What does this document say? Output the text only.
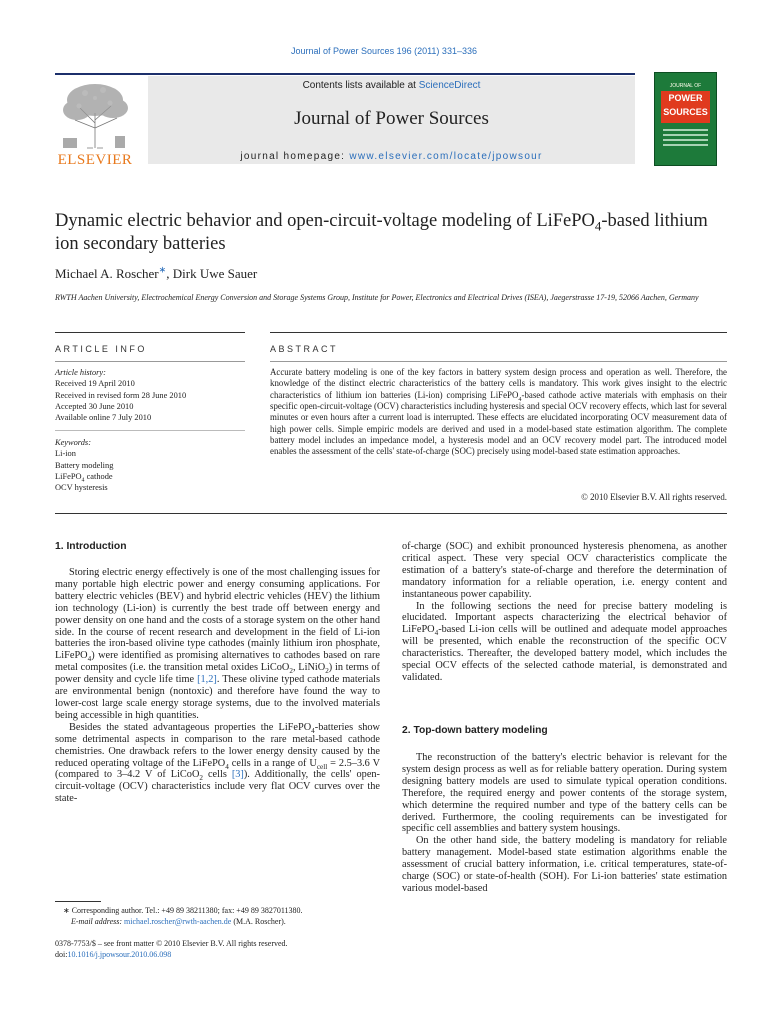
Journal of Power Sources 196 (2011) 331–336
ELSEVIER
Contents lists available at ScienceDirect
Journal of Power Sources
journal homepage: www.elsevier.com/locate/jpowsour
JOURNAL OF
POWER
SOURCES
Dynamic electric behavior and open-circuit-voltage modeling of LiFePO$_4$-based lithium ion secondary batteries
Michael A. Roscher∗, Dirk Uwe Sauer
RWTH Aachen University, Electrochemical Energy Conversion and Storage Systems Group, Institute for Power, Electronics and Electrical Drives (ISEA), Jaegerstrasse 17-19, 52066 Aachen, Germany
ARTICLE INFO	ABSTRACT
Article history:
Received 19 April 2010
Received in revised form 28 June 2010
Accepted 30 June 2010
Available online 7 July 2010
Keywords:
Li-ion
Battery modeling
LiFePO$_4$ cathode
OCV hysteresis
Accurate battery modeling is one of the key factors in battery system design process and operation as well. Therefore, the knowledge of the distinct electric characteristics of the battery cells is mandatory. This work gives insight to the electric characteristics of lithium ion batteries (Li-ion) comprising LiFePO$_4$-based cathode active materials with emphasis on their specific open-circuit-voltage (OCV) characteristics including hysteresis and special OCV recovery effects, which last for several minutes or even hours after a current load is interrupted. These effects are elucidated incorporating OCV measurement data of high power cells. Simple empiric models are derived and used in a model-based state estimation algorithm. The complete battery model includes an impedance model, a hysteresis model and an OCV recovery model part. The introduced model enables the assessment of the cells' state-of-charge (SOC) precisely using model-based state estimation approaches.
© 2010 Elsevier B.V. All rights reserved.
1. Introduction

Storing electric energy effectively is one of the most challenging issues for many portable high electric power and energy consuming applications. For battery electric vehicles (BEV) and hybrid electric vehicles (HEV) the lithium ion technology (Li-ion) is currently the best trade off between energy and power density on one hand and the costs of a storage system on the other hand side. In the course of recent research and development in the field of Li-ion batteries the iron-based olivine type cathodes (mainly lithium iron phosphate, LiFePO$_4$) were identified as promising alternatives to cathodes based on rare metal composites (i.e. the transition metal oxides LiCoO$_2$, LiNiO$_2$) in terms of power density and cycle life time [1,2]. These olivine typed cathode materials are environmental benign (nontoxic) and therefore have found the way to lower-cost large scale energy storage systems, due to the involved materials being accessible in high quantities.

Besides the stated advantageous properties the LiFePO$_4$-batteries show some detrimental aspects in comparison to the rare metal-based cathode chemistries. One drawback refers to the lower energy density caused by the reduced operating voltage of the LiFePO$_4$ cells in a range of $U_{cell} = 2.5-3.6$ V (compared to 3–4.2 V of LiCoO$_2$ cells [3]). Additionally, the cells' open-circuit-voltage (OCV) characteristics include very flat OCV curves over the state-

∗ Corresponding author. Tel.: +49 89 38211380; fax: +49 89 3827011380.
E-mail address: michael.roscher@rwth-aachen.de (M.A. Roscher).
0378-7753/$ – see front matter © 2010 Elsevier B.V. All rights reserved.
doi:10.1016/j.jpowsour.2010.06.098

of-charge (SOC) and exhibit pronounced hysteresis phenomena, as another critical aspect. These very special OCV characteristics complicate the estimation of a battery's state-of-charge and therefore the determination of mandatory information for a reliable operation, i.e. energy content and instantaneous power capability.

In the following sections the need for precise battery modeling is elucidated. Important aspects characterizing the electrical behavior of LiFePO$_4$-based Li-ion cells will be outlined and adequate model approaches will be presented, which enable the reconstruction of the specific OCV characteristics. Thereafter, the developed battery model, which includes the special OCV effects of the selected cathode material, is demonstrated and validated.

2. Top-down battery modeling

The reconstruction of the battery's electric behavior is relevant for the system design process as well as for reliable battery operation. During system designing battery models are used to simulate typical operation conditions. Therefore, the required energy and power contents of the storage system, which determine the required number and type of the battery cells can be derived. Furthermore, the cooling requirements can be investigated for specific cell assemblies and battery system housings.

On the other hand side, the battery modeling is mandatory for reliable battery management. Model-based state estimation algorithms enable the assessment of crucial battery information, i.e. critical temperatures, state-of-charge (SOC) or state-of-health (SOH). For Li-ion batteries' state estimation various model-based
